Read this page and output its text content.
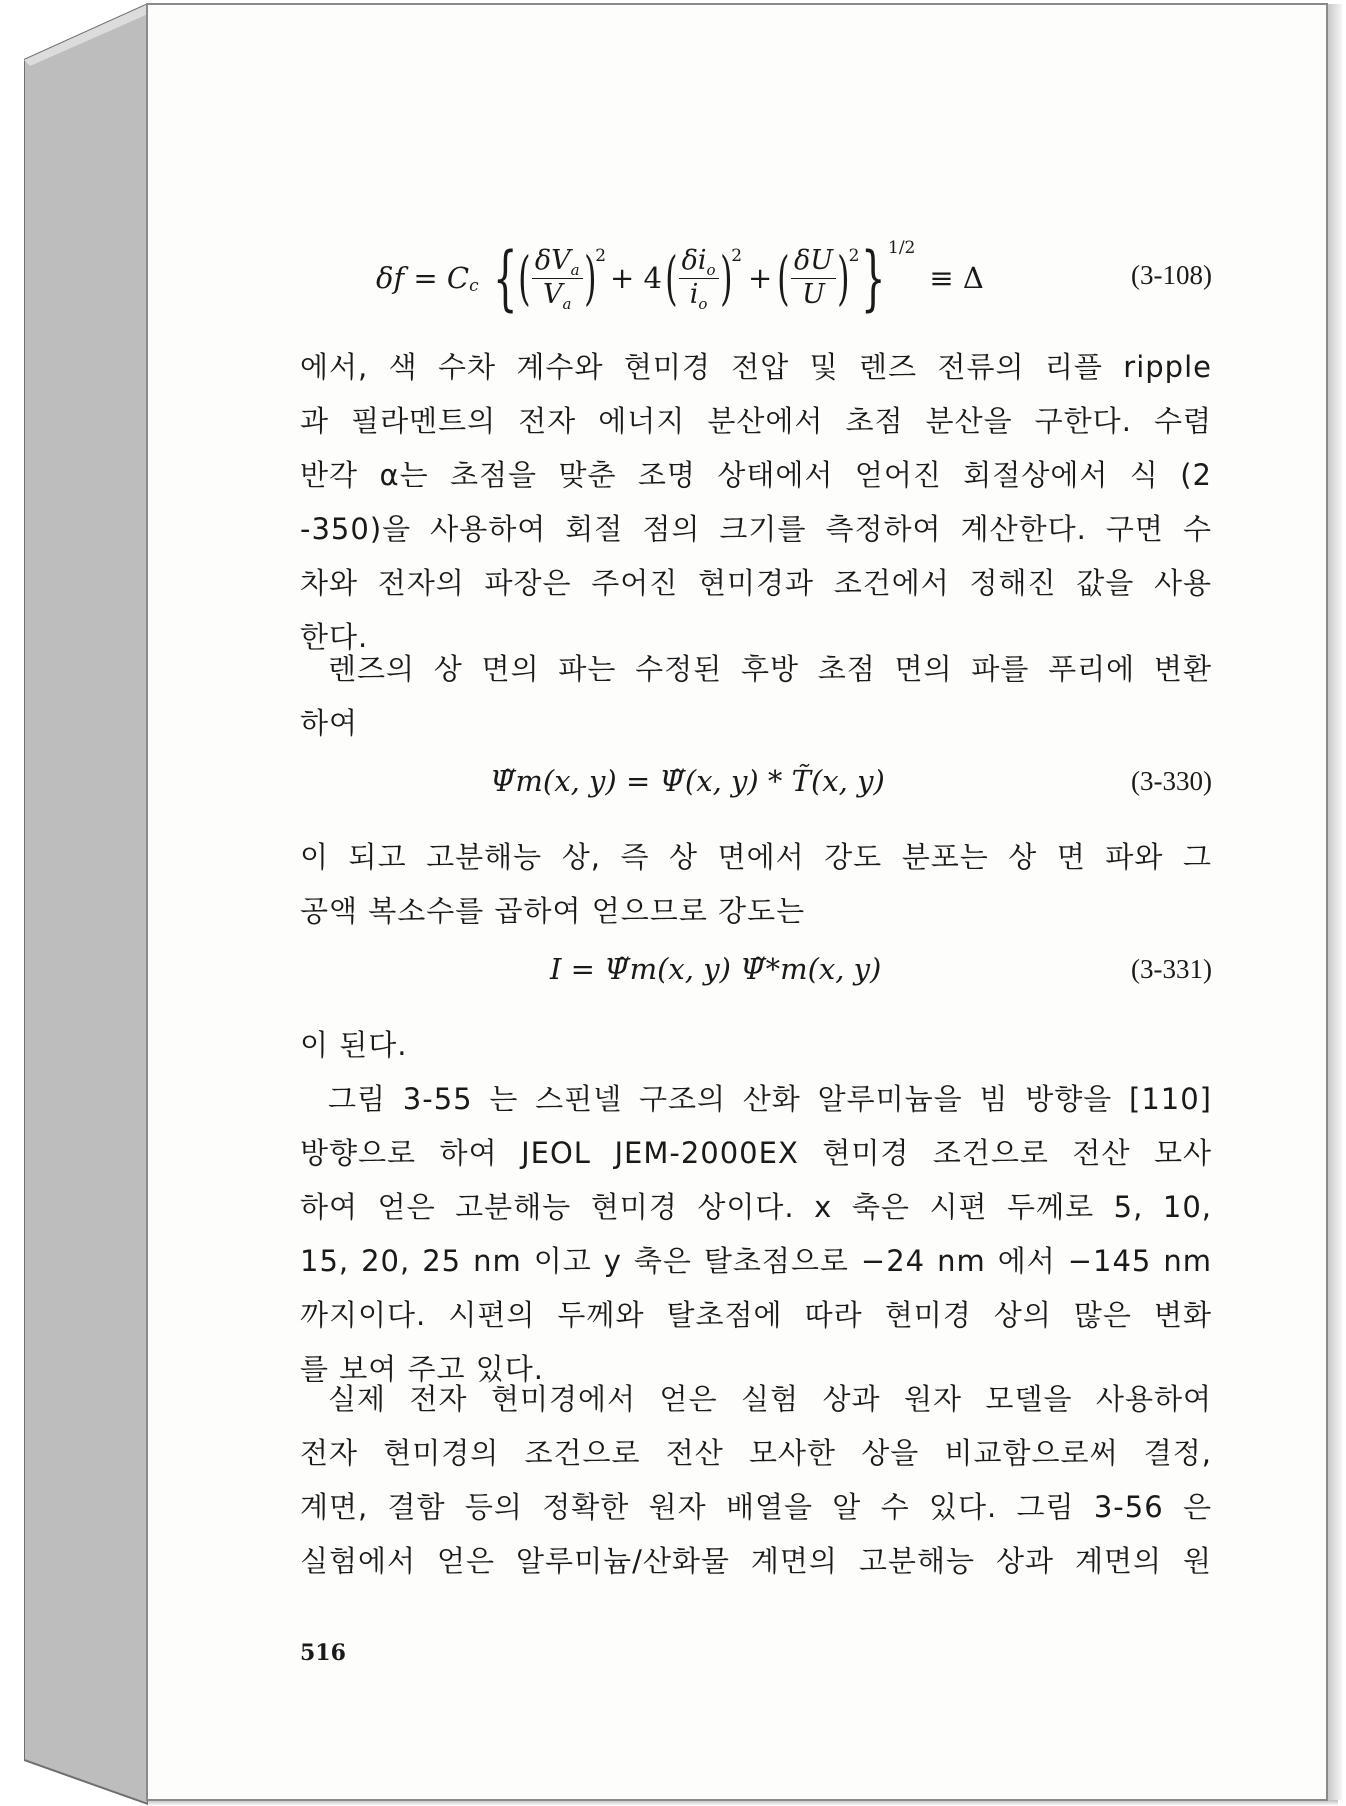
δf = C c { ( $\frac{\delta V_a}{V_a}$ ) 2
+ 4 ( $\frac{\delta i_o}{i_o}$ ) 2
+ ( $\frac{\delta U}{U}$ ) 2 } 1/2
≡ Δ	(3-108)
에서, 색 수차 계수와 현미경 전압 및 렌즈 전류의 리플 ripple
과 필라멘트의 전자 에너지 분산에서 초점 분산을 구한다. 수렴
반각 α는 초점을 맞춘 조명 상태에서 얻어진 회절상에서 식 (2
-350)을 사용하여 회절 점의 크기를 측정하여 계산한다. 구면 수
차와 전자의 파장은 주어진 현미경과 조건에서 정해진 값을 사용
한다.
렌즈의 상 면의 파는 수정된 후방 초점 면의 파를 푸리에 변환
하여
Ψ̃m(x, y) = Ψ̃(x, y) * T̃(x, y)	(3-330)
이 되고 고분해능 상, 즉 상 면에서 강도 분포는 상 면 파와 그
공액 복소수를 곱하여 얻으므로 강도는
I = Ψ̃m(x, y) Ψ̃*m(x, y)	(3-331)
이 된다.
그림 3-55 는 스핀넬 구조의 산화 알루미늄을 빔 방향을 [110]
방향으로 하여 JEOL JEM-2000EX 현미경 조건으로 전산 모사
하여 얻은 고분해능 현미경 상이다. x 축은 시편 두께로 5, 10,
15, 20, 25 nm 이고 y 축은 탈초점으로 −24 nm 에서 −145 nm
까지이다. 시편의 두께와 탈초점에 따라 현미경 상의 많은 변화
를 보여 주고 있다.
실제 전자 현미경에서 얻은 실험 상과 원자 모델을 사용하여
전자 현미경의 조건으로 전산 모사한 상을 비교함으로써 결정,
계면, 결함 등의 정확한 원자 배열을 알 수 있다. 그림 3-56 은
실험에서 얻은 알루미늄/산화물 계면의 고분해능 상과 계면의 원
516
